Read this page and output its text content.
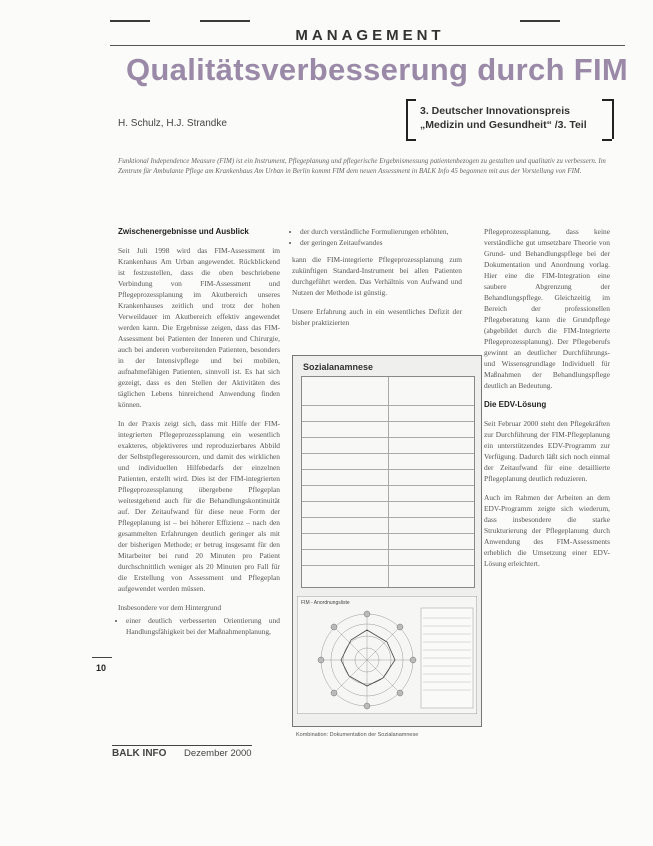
MANAGEMENT
Qualitätsverbesserung durch FIM
H. Schulz, H.J. Strandke
3. Deutscher Innovationspreis
„Medizin und Gesundheit“ /3. Teil
Funktional Independence Measure (FIM) ist ein Instrument, Pflegeplanung und pflegerische Ergebnismessung patientenbezogen zu gestalten und qualitativ zu verbessern. Im Zentrum für Ambulante Pflege am Krankenhaus Am Urban in Berlin kommt FIM dem neuen Assessment in BALK Info 45 begonnen mit aus der Vorstellung von FIM.
Zwischenergebnisse und Ausblick

Seit Juli 1998 wird das FIM-Assessment im Krankenhaus Am Urban angewendet. Rückblickend ist festzustellen, dass die oben beschriebene Verbindung von FIM-Assessment und Pflegeprozessplanung im Akutbereich unseres Krankenhauses zeitlich und trotz der hohen Verweildauer im Akutbereich effektiv angewendet werden kann. Die Ergebnisse zeigen, dass das FIM-Assessment bei Patienten der Inneren und Chirurgie, auch bei anderen vorbereitenden Patienten, besonders in der Intensivpflege und bei mobilen, aufnahmefähigen Patienten, sinnvoll ist. Es hat sich gezeigt, dass es den Stellen der Aktivitäten des täglichen Lebens hinreichend Anwendung finden können.

In der Praxis zeigt sich, dass mit Hilfe der FIM-integrierten Pflegeprozessplanung ein wesentlich exakteres, objektiveres und reproduzierbares Abbild der Selbstpflegeressourcen, und damit des wirklichen und individuellen Hilfebedarfs der einzelnen Patienten, erstellt wird. Dies ist der FIM-integrierten Pflegeprozessplanung übergebene Pflegeplan weitestgehend auch für die Behandlungskontinuität auf. Der Zeitaufwand für diese neue Form der Pflegeplanung ist – bei höherer Effizienz – nach den gesammelten Erfahrungen deutlich geringer als mit der bisherigen Methode; er betrug insgesamt für den Mitarbeiter bei rund 20 Minuten pro Patient durchschnittlich weniger als 20 Minuten pro Fall für die Erstellung von Assessment und Pflegeplan aufgewendet werden müssen.

Insbesondere vor dem Hintergrund

• einer deutlich verbesserten Orientierung und Handlungsfähigkeit bei der Maßnahmenplanung,
10
• der durch verständliche Formulierungen erhöhten,
• der geringen Zeitaufwandes

kann die FIM-integrierte Pflegeprozessplanung zum zukünftigen Standard-Instrument bei allen Patienten durchgeführt werden. Das Verhältnis von Aufwand und Nutzen der Methode ist günstig.

Unsere Erfahrung auch in ein wesentliches Defizit der bisher praktizierten

Pflegeprozessplanung, dass keine verständliche gut umsetzbare Theorie von Grund- und Behandlungspflege bei der Dokumentation und Anordnung vorlag. Hier eine die FIM-Integration eine saubere Abgrenzung der Behandlungspflege. Gleichzeitig im Bereich der professionellen Pflegeberatung kann die Grundpflege (abgebildet durch die FIM-Integrierte Pflegeprozessplanung). Der Pflegeberufs gewinnt an deutlicher Durchführungs- und Wissensgrundlage Individuell für Maßnahmen der Behandlungspflege deutlich an Bedeutung.

Die EDV-Lösung

Seit Februar 2000 steht den Pflegekräften zur Durchführung der FIM-Pflegeplanung ein unterstützendes EDV-Programm zur Verfügung. Dadurch läßt sich noch einmal der Zeitaufwand für eine detaillierte Pflegeplanung deutlich reduzieren.

Auch im Rahmen der Arbeiten an dem EDV-Programm zeigte sich wiederum, dass insbesondere die starke Strukturierung der Pflegeplanung durch Anwendung des FIM-Assessments erheblich die Umsetzung einer EDV-Lösung erleichtert.

Sozialanamnese
FIM - Anordnungsliste
Kombination: Dokumentation der Sozialanamnese
BALK INFO Dezember 2000
